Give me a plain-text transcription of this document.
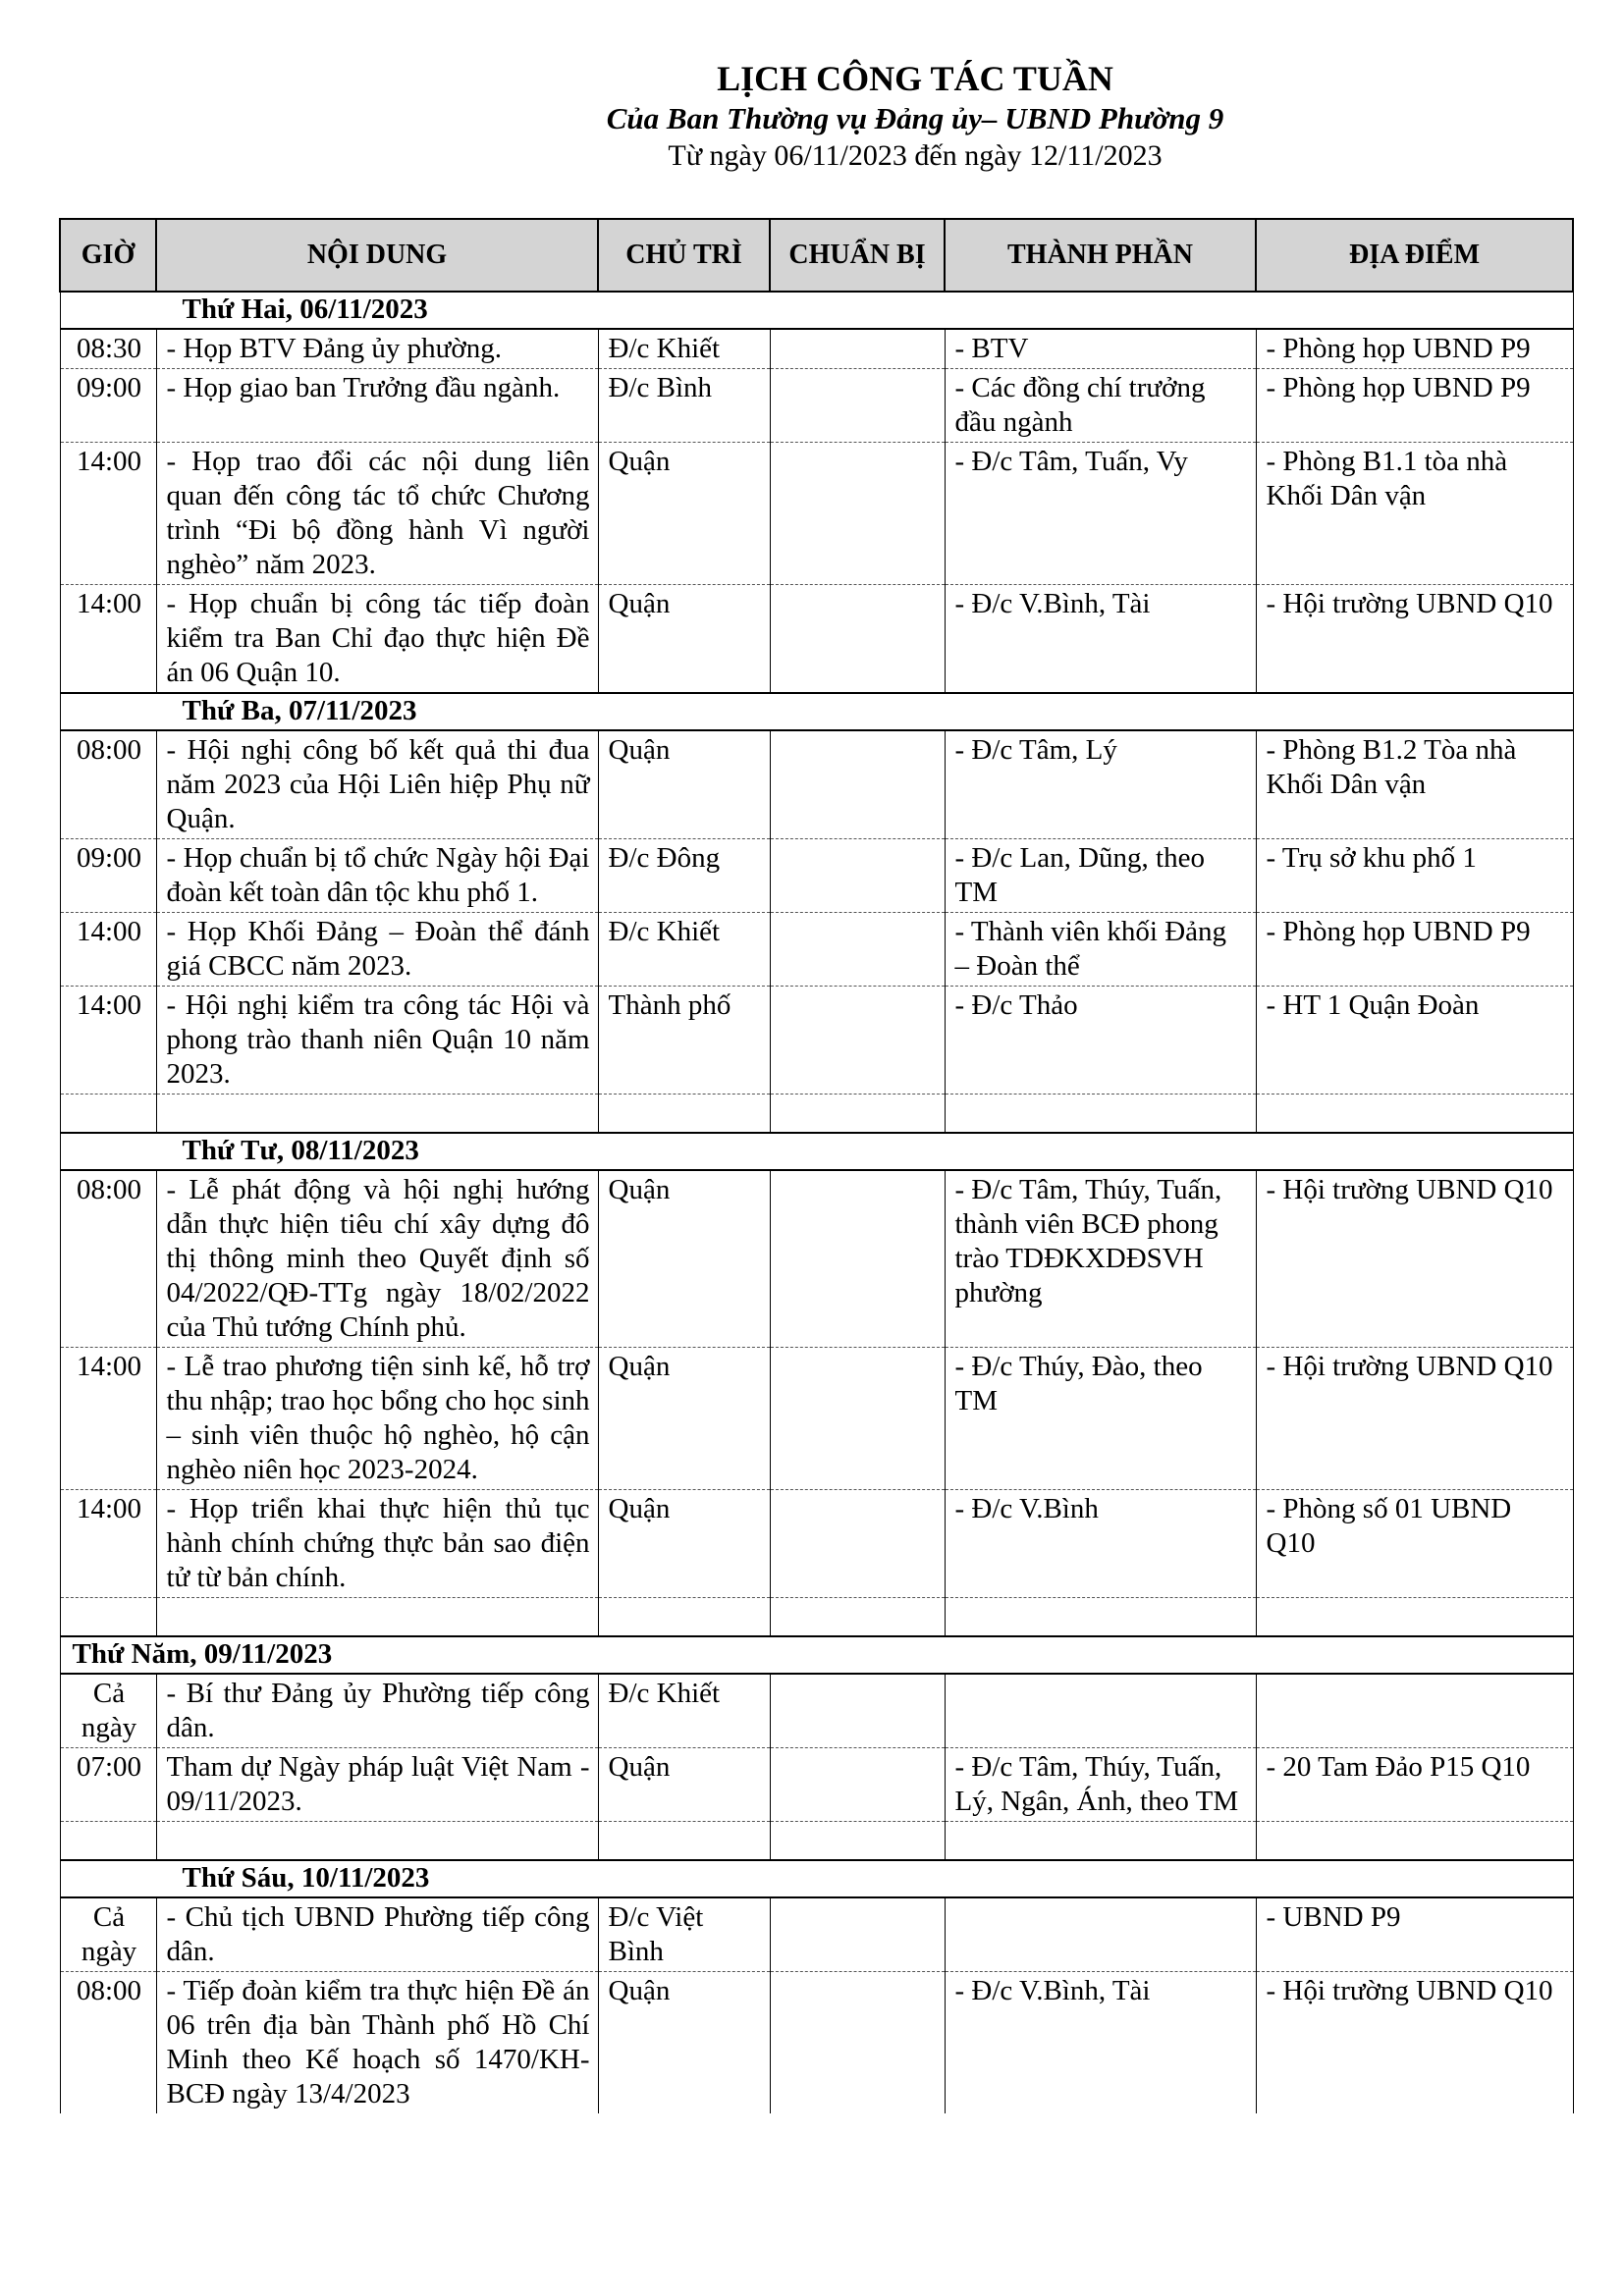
LỊCH CÔNG TÁC TUẦN
Của Ban Thường vụ Đảng ủy– UBND Phường 9
Từ ngày 06/11/2023 đến ngày 12/11/2023
GIỜ	NỘI DUNG	CHỦ TRÌ	CHUẨN BỊ	THÀNH PHẦN	ĐỊA ĐIỂM
Thứ Hai, 06/11/2023					
08:30	- Họp BTV Đảng ủy phường.	Đ/c Khiết		- BTV	- Phòng họp UBND P9
09:00	- Họp giao ban Trưởng đầu ngành.	Đ/c Bình		- Các đồng chí trưởng đầu ngành	- Phòng họp UBND P9
14:00	- Họp trao đổi các nội dung liên quan đến công tác tổ chức Chương trình “Đi bộ đồng hành Vì người nghèo” năm 2023.	Quận		- Đ/c Tâm, Tuấn, Vy	- Phòng B1.1 tòa nhà Khối Dân vận
14:00	- Họp chuẩn bị công tác tiếp đoàn kiểm tra Ban Chỉ đạo thực hiện Đề án 06 Quận 10.	Quận		- Đ/c V.Bình, Tài	- Hội trường UBND Q10
Thứ Ba, 07/11/2023					
08:00	- Hội nghị công bố kết quả thi đua năm 2023 của Hội Liên hiệp Phụ nữ Quận.	Quận		- Đ/c Tâm, Lý	- Phòng B1.2 Tòa nhà Khối Dân vận
09:00	- Họp chuẩn bị tổ chức Ngày hội Đại đoàn kết toàn dân tộc khu phố 1.	Đ/c Đông		- Đ/c Lan, Dũng, theo TM	- Trụ sở khu phố 1
14:00	- Họp Khối Đảng – Đoàn thể đánh giá CBCC năm 2023.	Đ/c Khiết		- Thành viên khối Đảng – Đoàn thể	- Phòng họp UBND P9
14:00	- Hội nghị kiểm tra công tác Hội và phong trào thanh niên Quận 10 năm 2023.	Thành phố		- Đ/c Thảo	- HT 1 Quận Đoàn

Thứ Tư, 08/11/2023					
08:00	- Lễ phát động và hội nghị hướng dẫn thực hiện tiêu chí xây dựng đô thị thông minh theo Quyết định số 04/2022/QĐ-TTg ngày 18/02/2022 của Thủ tướng Chính phủ.	Quận		- Đ/c Tâm, Thúy, Tuấn, thành viên BCĐ phong trào TDĐKXDĐSVH phường	- Hội trường UBND Q10
14:00	- Lễ trao phương tiện sinh kế, hỗ trợ thu nhập; trao học bổng cho học sinh – sinh viên thuộc hộ nghèo, hộ cận nghèo niên học 2023-2024.	Quận		- Đ/c Thúy, Đào, theo TM	- Hội trường UBND Q10
14:00	- Họp triển khai thực hiện thủ tục hành chính chứng thực bản sao điện tử từ bản chính.	Quận		- Đ/c V.Bình	- Phòng số 01 UBND Q10

Thứ Năm, 09/11/2023					
Cả ngày	- Bí thư Đảng ủy Phường tiếp công dân.	Đ/c Khiết			
07:00	Tham dự Ngày pháp luật Việt Nam - 09/11/2023.	Quận		- Đ/c Tâm, Thúy, Tuấn, Lý, Ngân, Ánh, theo TM	- 20 Tam Đảo P15 Q10

Thứ Sáu, 10/11/2023					
Cả ngày	- Chủ tịch UBND Phường tiếp công dân.	Đ/c Việt Bình			- UBND P9
08:00	- Tiếp đoàn kiểm tra thực hiện Đề án 06 trên địa bàn Thành phố Hồ Chí Minh theo Kế hoạch số 1470/KH-BCĐ ngày 13/4/2023	Quận		- Đ/c V.Bình, Tài	- Hội trường UBND Q10
